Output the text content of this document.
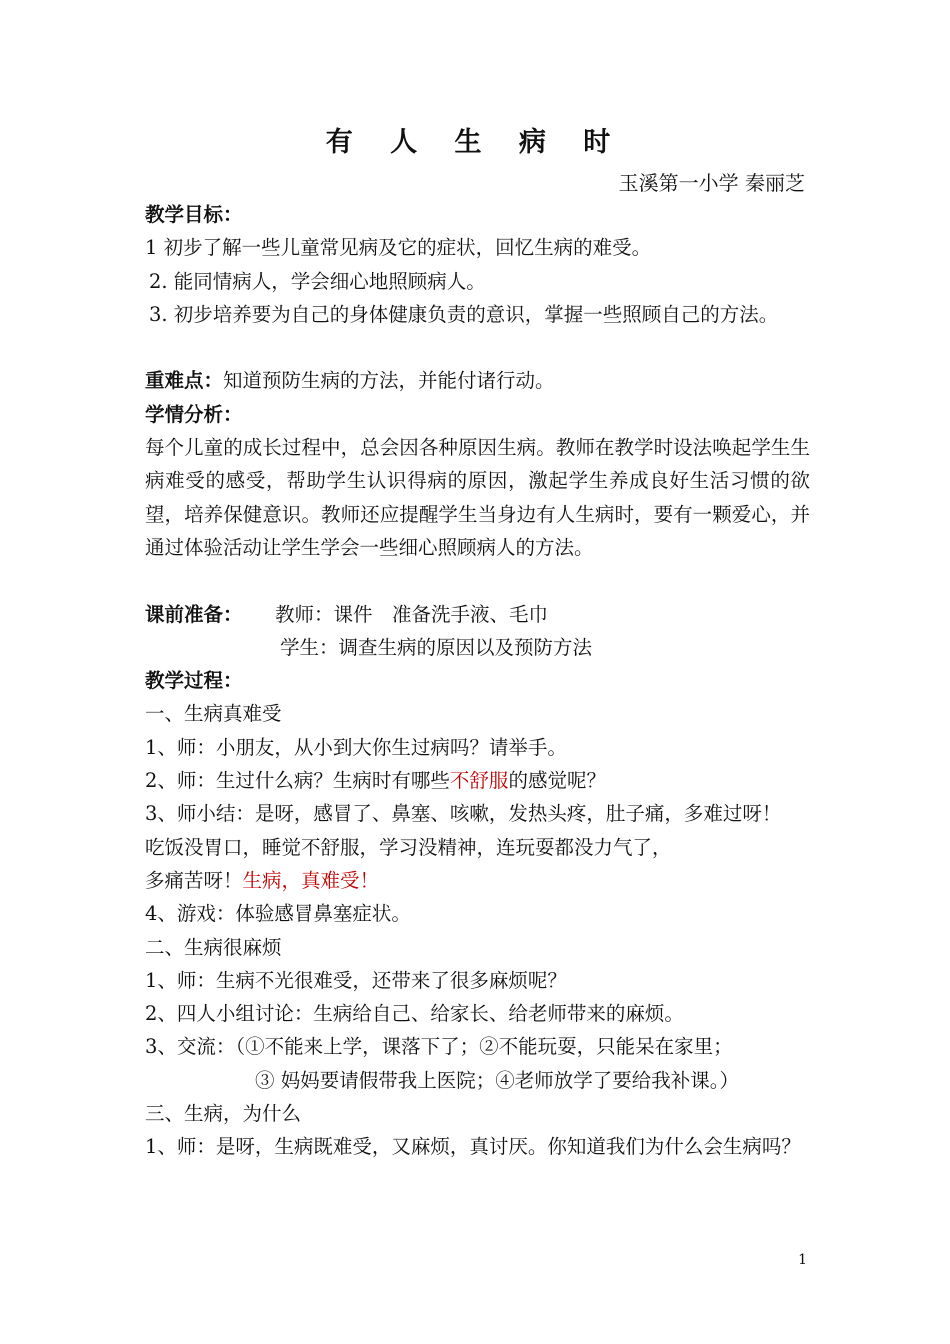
有 人 生 病 时
玉溪第一小学 秦丽芝
教学目标：
1 初步了解一些儿童常见病及它的症状，回忆生病的难受。
2. 能同情病人，学会细心地照顾病人。
3. 初步培养要为自己的身体健康负责的意识，掌握一些照顾自己的方法。
重难点：知道预防生病的方法，并能付诸行动。
学情分析：
每个儿童的成长过程中，总会因各种原因生病。教师在教学时设法唤起学生生病难受的感受，帮助学生认识得病的原因，激起学生养成良好生活习惯的欲望，培养保健意识。教师还应提醒学生当身边有人生病时，要有一颗爱心，并通过体验活动让学生学会一些细心照顾病人的方法。
课前准备： 教师：课件　准备洗手液、毛巾
学生：调查生病的原因以及预防方法
教学过程：
一、生病真难受
1、师：小朋友，从小到大你生过病吗？请举手。
2、师：生过什么病？生病时有哪些不舒服的感觉呢？
3、师小结：是呀，感冒了、鼻塞、咳嗽，发热头疼，肚子痛，多难过呀！
吃饭没胃口，睡觉不舒服，学习没精神，连玩耍都没力气了，
多痛苦呀！生病，真难受！
4、游戏：体验感冒鼻塞症状。
二、生病很麻烦
1、师：生病不光很难受，还带来了很多麻烦呢？
2、四人小组讨论：生病给自己、给家长、给老师带来的麻烦。
3、交流：（①不能来上学，课落下了；②不能玩耍，只能呆在家里；
③ 妈妈要请假带我上医院；④老师放学了要给我补课。）
三、生病，为什么
1、师：是呀，生病既难受，又麻烦，真讨厌。你知道我们为什么会生病吗？
1
